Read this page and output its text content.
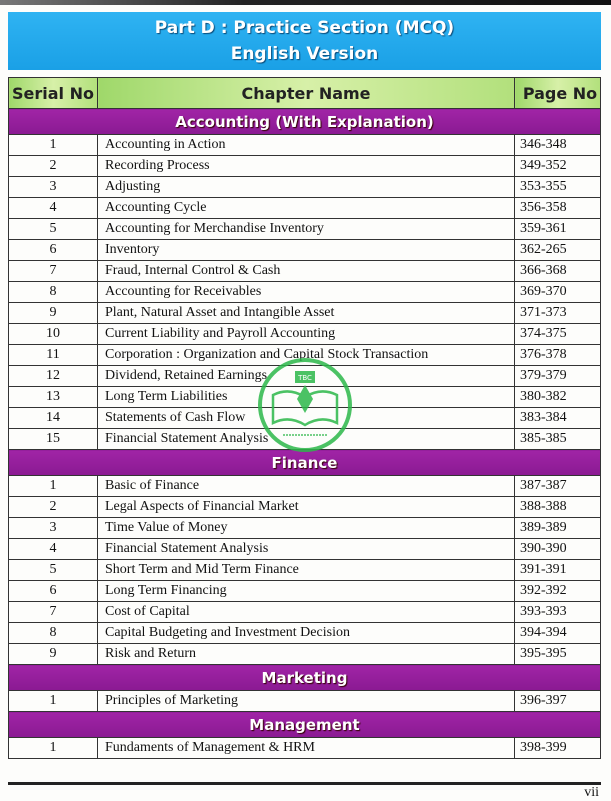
Part D : Practice Section (MCQ)
English Version
Serial No	Chapter Name	Page No
Accounting (With Explanation)		
1	Accounting in Action	346-348
2	Recording Process	349-352
3	Adjusting	353-355
4	Accounting Cycle	356-358
5	Accounting for Merchandise Inventory	359-361
6	Inventory	362-265
7	Fraud, Internal Control & Cash	366-368
8	Accounting for Receivables	369-370
9	Plant, Natural Asset and Intangible Asset	371-373
10	Current Liability and Payroll Accounting	374-375
11	Corporation : Organization and Capital Stock Transaction	376-378
12	Dividend, Retained Earnings	379-379
13	Long Term Liabilities	380-382
14	Statements of Cash Flow	383-384
15	Financial Statement Analysis	385-385
Finance		
1	Basic of Finance	387-387
2	Legal Aspects of Financial Market	388-388
3	Time Value of Money	389-389
4	Financial Statement Analysis	390-390
5	Short Term and Mid Term Finance	391-391
6	Long Term Financing	392-392
7	Cost of Capital	393-393
8	Capital Budgeting and Investment Decision	394-394
9	Risk and Return	395-395
Marketing		
1	Principles of Marketing	396-397
Management		
1	Fundaments of Management & HRM	398-399
TBC
vii
